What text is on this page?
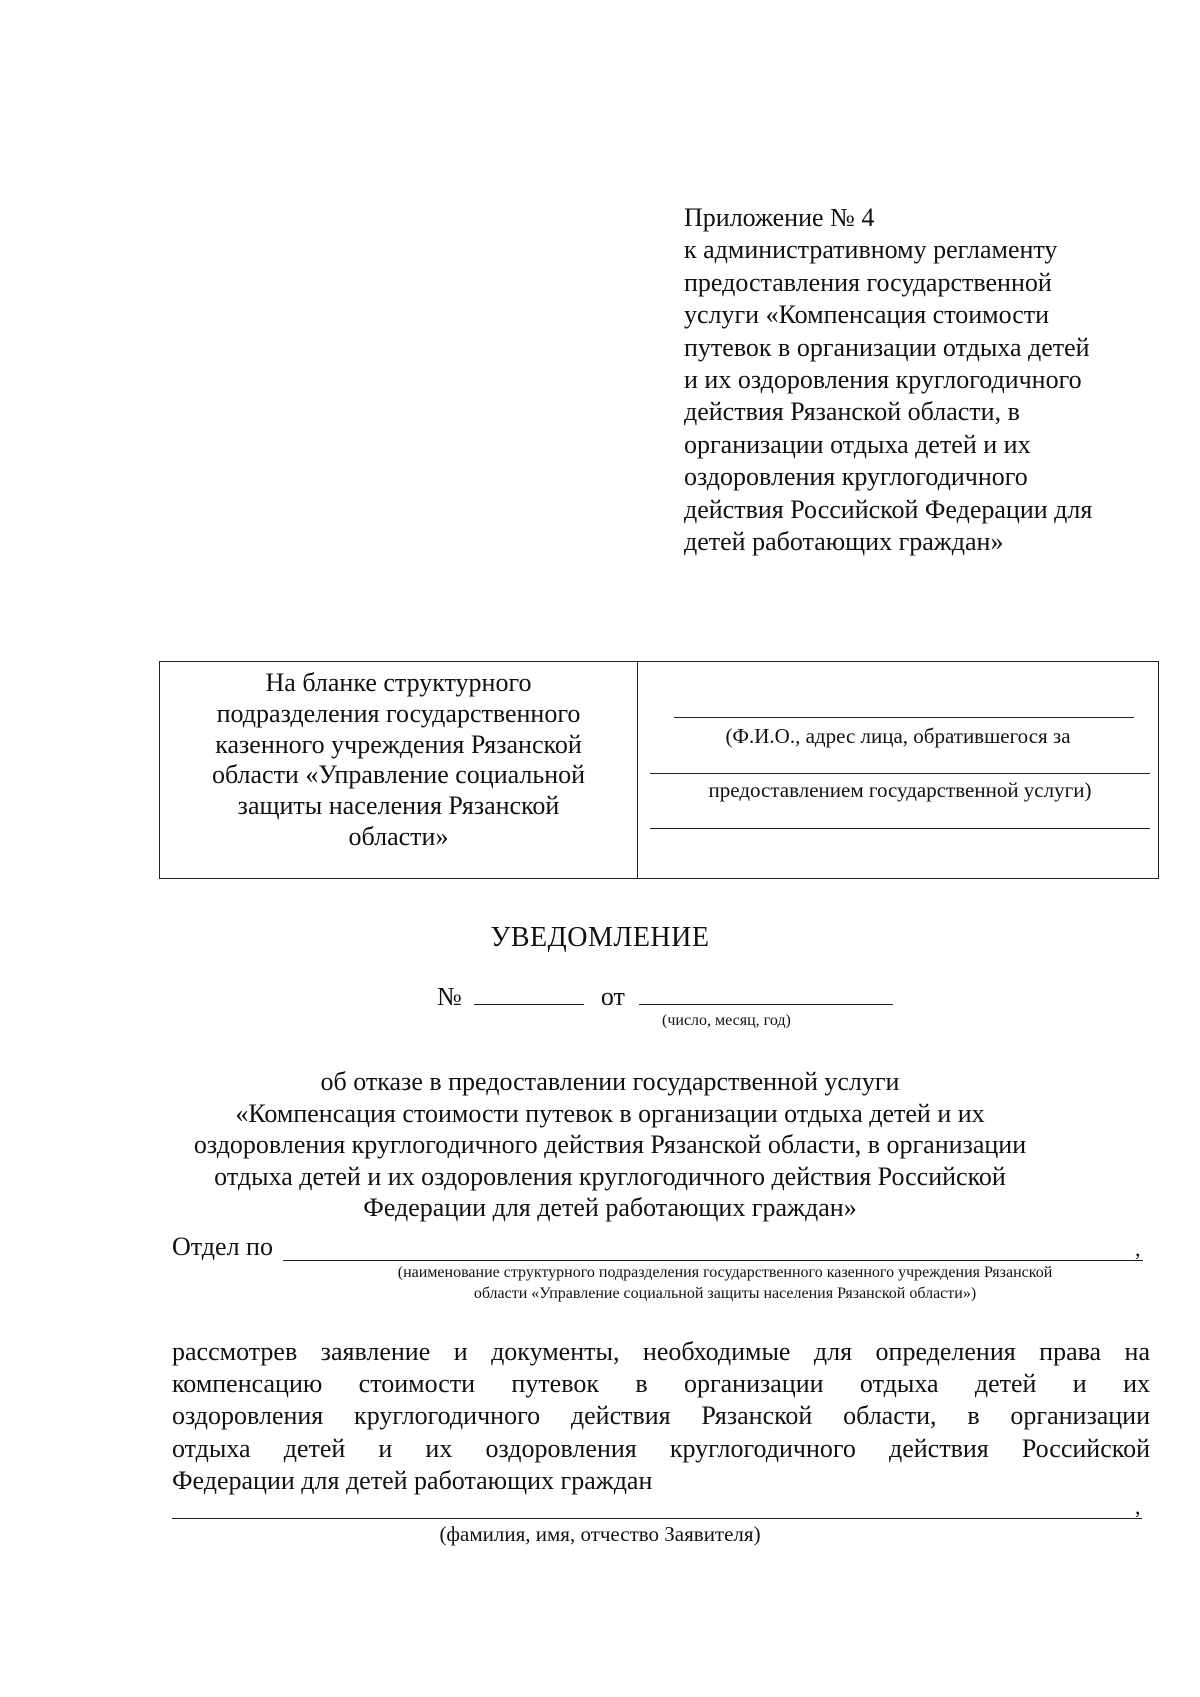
Приложение № 4
к административному регламенту
предоставления государственной
услуги «Компенсация стоимости
путевок в организации отдыха детей
и их оздоровления круглогодичного
действия Рязанской области, в
организации отдыха детей и их
оздоровления круглогодичного
действия Российской Федерации для
детей работающих граждан»
На бланке структурного
подразделения государственного
казенного учреждения Рязанской
области «Управление социальной
защиты населения Рязанской
области»
(Ф.И.О., адрес лица, обратившегося за
предоставлением государственной услуги)
УВЕДОМЛЕНИЕ
№	от
(число, месяц, год)
об отказе в предоставлении государственной услуги
«Компенсация стоимости путевок в организации отдыха детей и их
оздоровления круглогодичного действия Рязанской области, в организации
отдыха детей и их оздоровления круглогодичного действия Российской
Федерации для детей работающих граждан»
Отдел по	,
(наименование структурного подразделения государственного казенного учреждения Рязанской
области «Управление социальной защиты населения Рязанской области»)
рассмотрев заявление и документы, необходимые для определения права на
компенсацию стоимости путевок в организации отдыха детей и их
оздоровления круглогодичного действия Рязанской области, в организации
отдыха детей и их оздоровления круглогодичного действия Российской
Федерации для детей работающих граждан
,
(фамилия, имя, отчество Заявителя)
